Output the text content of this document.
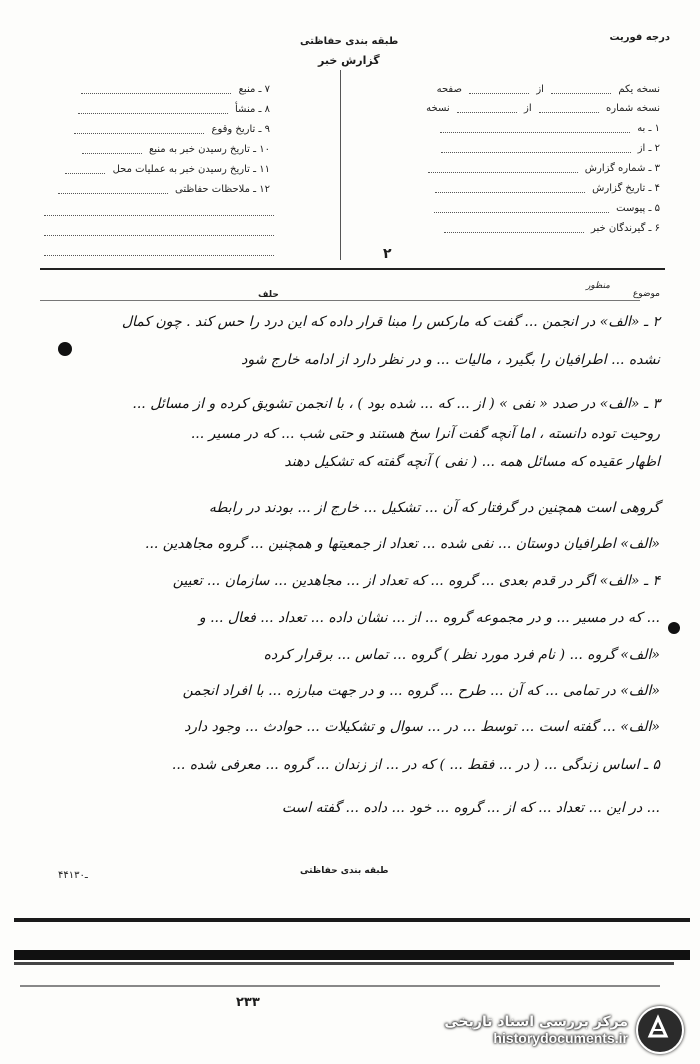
درجه فوریت
طبقه بندی حفاظتی
گزارش خبر
نسخه یکم  از  صفحه
نسخه شماره  از  نسخه
۱ ـ به
۲ ـ از
۳ ـ شماره گزارش
۴ ـ تاریخ گزارش
۵ ـ پیوست
۶ ـ گیرندگان خبر
۷ ـ منبع
۸ ـ منشأ
۹ ـ تاریخ وقوع
۱۰ ـ تاریخ رسیدن خبر به منبع
۱۱ ـ تاریخ رسیدن خبر به عملیات محل
۱۲ ـ ملاحظات حفاظتی
۲
موضوع
منظور
حلف
۲ ـ «الف» در انجمن ... گفت که مارکس را مبنا قرار داده که این درد را حس کند . چون کمال
نشده ... اطرافیان را بگیرد ، مالیات ... و در نظر دارد از ادامه خارج شود
۳ ـ «الف» در صدد « نفی » ( از ... که ... شده بود ) ، با انجمن تشویق کرده و از مسائل ...
روحیت توده دانسته ، اما آنچه گفت آنرا سخ هستند و حتی شب ... که در مسیر ...
اظهار عقیده که مسائل همه ... ( نفی ) آنچه گفته که تشکیل دهند
گروهی است همچنین در گرفتار که آن ... تشکیل ... خارج از ... بودند در رابطه
«الف» اطرافیان دوستان ... نفی شده ... تعداد از جمعیتها و همچنین ... گروه مجاهدین ...
۴ ـ «الف» اگر در قدم بعدی ... گروه ... که تعداد از ... مجاهدین ... سازمان ... تعیین
... که در مسیر ... و در مجموعه گروه ... از ... نشان داده ... تعداد ... فعال ... و
«الف» گروه ... ( نام فرد مورد نظر ) گروه ... تماس ... برقرار کرده
«الف» در تمامی ... که آن ... طرح ... گروه ... و در جهت مبارزه ... با افراد انجمن
«الف» ... گفته است ... توسط ... در ... سوال و تشکیلات ... حوادث ... وجود دارد
۵ ـ اساس زندگی ... ( در ... فقط ... ) که در ... از زندان ... گروه ... معرفی شده ...
... در این ... تعداد ... که از ... گروه ... خود ... داده ... گفته است
طبقه بندی حفاظتی
۴۴ـ۱۳۰
۲۳۳
مرکز بررسی اسناد تاریخی
historydocuments.ir
